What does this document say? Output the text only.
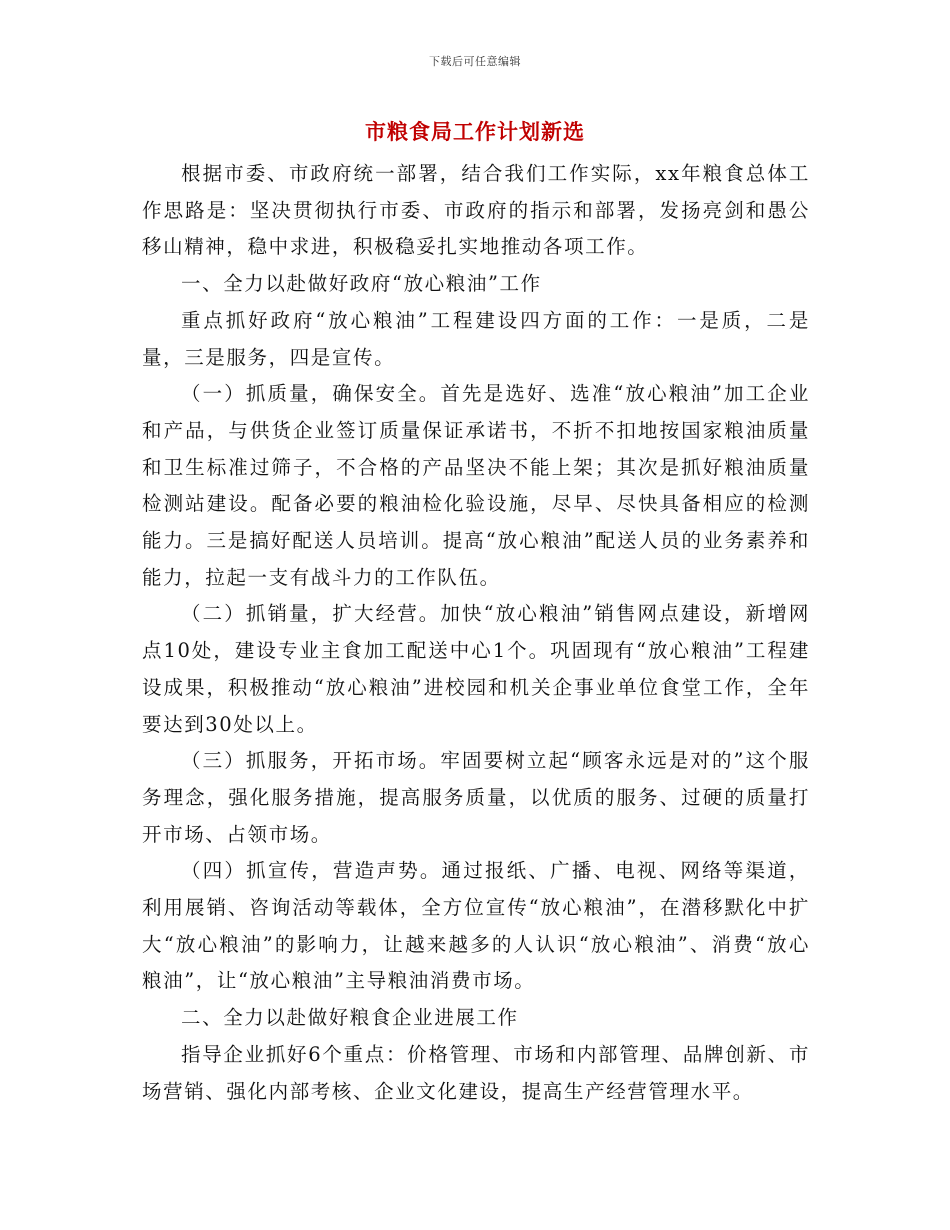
下载后可任意编辑
市粮食局工作计划新选

根据市委、市政府统一部署，结合我们工作实际，xx年粮食总体工作思路是：坚决贯彻执行市委、市政府的指示和部署，发扬亮剑和愚公移山精神，稳中求进，积极稳妥扎实地推动各项工作。

一、全力以赴做好政府“放心粮油”工作

重点抓好政府“放心粮油”工程建设四方面的工作：一是质，二是量，三是服务，四是宣传。

（一）抓质量，确保安全。首先是选好、选准“放心粮油”加工企业和产品，与供货企业签订质量保证承诺书，不折不扣地按国家粮油质量和卫生标准过筛子，不合格的产品坚决不能上架；其次是抓好粮油质量检测站建设。配备必要的粮油检化验设施，尽早、尽快具备相应的检测能力。三是搞好配送人员培训。提高“放心粮油”配送人员的业务素养和能力，拉起一支有战斗力的工作队伍。

（二）抓销量，扩大经营。加快“放心粮油”销售网点建设，新增网点10处，建设专业主食加工配送中心1个。巩固现有“放心粮油”工程建设成果，积极推动“放心粮油”进校园和机关企事业单位食堂工作，全年要达到30处以上。

（三）抓服务，开拓市场。牢固要树立起“顾客永远是对的”这个服务理念，强化服务措施，提高服务质量，以优质的服务、过硬的质量打开市场、占领市场。

（四）抓宣传，营造声势。通过报纸、广播、电视、网络等渠道，利用展销、咨询活动等载体，全方位宣传“放心粮油”，在潜移默化中扩大“放心粮油”的影响力，让越来越多的人认识“放心粮油”、消费“放心粮油”，让“放心粮油”主导粮油消费市场。

二、全力以赴做好粮食企业进展工作

指导企业抓好6个重点：价格管理、市场和内部管理、品牌创新、市场营销、强化内部考核、企业文化建设，提高生产经营管理水平。
